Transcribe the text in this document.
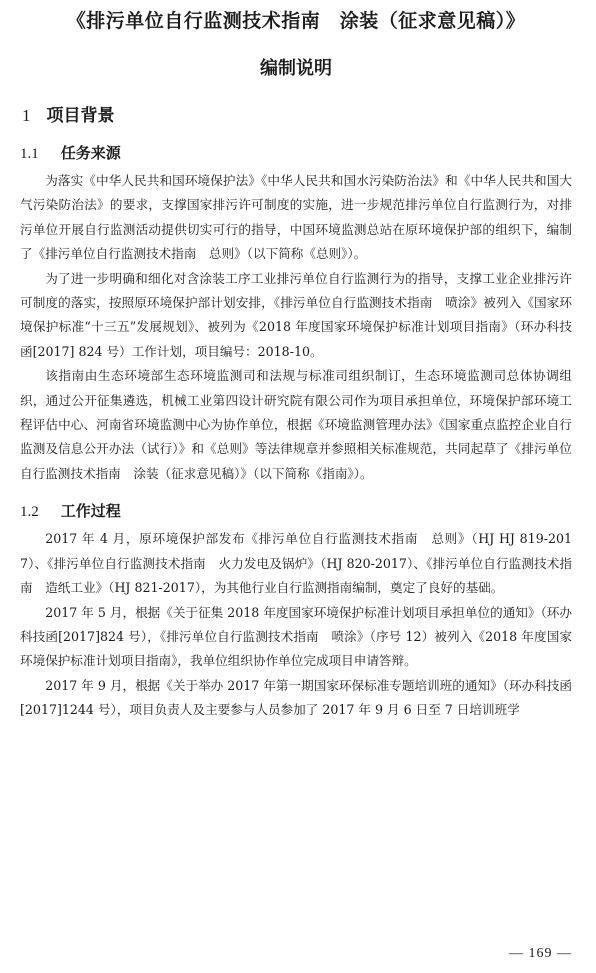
《排污单位自行监测技术指南　涂装（征求意见稿）》
编制说明
1 项目背景
1.1 任务来源

为落实《中华人民共和国环境保护法》《中华人民共和国水污染防治法》和《中华人民共和国大气污染防治法》的要求，支撑国家排污许可制度的实施，进一步规范排污单位自行监测行为，对排污单位开展自行监测活动提供切实可行的指导，中国环境监测总站在原环境保护部的组织下，编制了《排污单位自行监测技术指南　总则》（以下简称《总则》）。

为了进一步明确和细化对含涂装工序工业排污单位自行监测行为的指导，支撑工业企业排污许可制度的落实，按照原环境保护部计划安排，《排污单位自行监测技术指南　喷涂》被列入《国家环境保护标准“十三五”发展规划》、被列为《2018 年度国家环境保护标准计划项目指南》（环办科技函[2017] 824 号）工作计划，项目编号：2018-10。

该指南由生态环境部生态环境监测司和法规与标准司组织制订，生态环境监测司总体协调组织，通过公开征集遴选，机械工业第四设计研究院有限公司作为项目承担单位，环境保护部环境工程评估中心、河南省环境监测中心为协作单位，根据《环境监测管理办法》《国家重点监控企业自行监测及信息公开办法（试行）》和《总则》等法律规章并参照相关标准规范，共同起草了《排污单位自行监测技术指南　涂装（征求意见稿）》（以下简称《指南》）。

1.2 工作过程

2017 年 4 月，原环境保护部发布《排污单位自行监测技术指南　总则》（HJ HJ 819-2017）、《排污单位自行监测技术指南　火力发电及锅炉》（HJ 820-2017）、《排污单位自行监测技术指南　造纸工业》（HJ 821-2017），为其他行业自行监测指南编制，奠定了良好的基础。

2017 年 5 月，根据《关于征集 2018 年度国家环境保护标准计划项目承担单位的通知》（环办科技函[2017]824 号），《排污单位自行监测技术指南　喷涂》（序号 12）被列入《2018 年度国家环境保护标准计划项目指南》，我单位组织协作单位完成项目申请答辩。

2017 年 9 月，根据《关于举办 2017 年第一期国家环保标准专题培训班的通知》（环办科技函[2017]1244 号），项目负责人及主要参与人员参加了 2017 年 9 月 6 日至 7 日培训班学

— 169 —
